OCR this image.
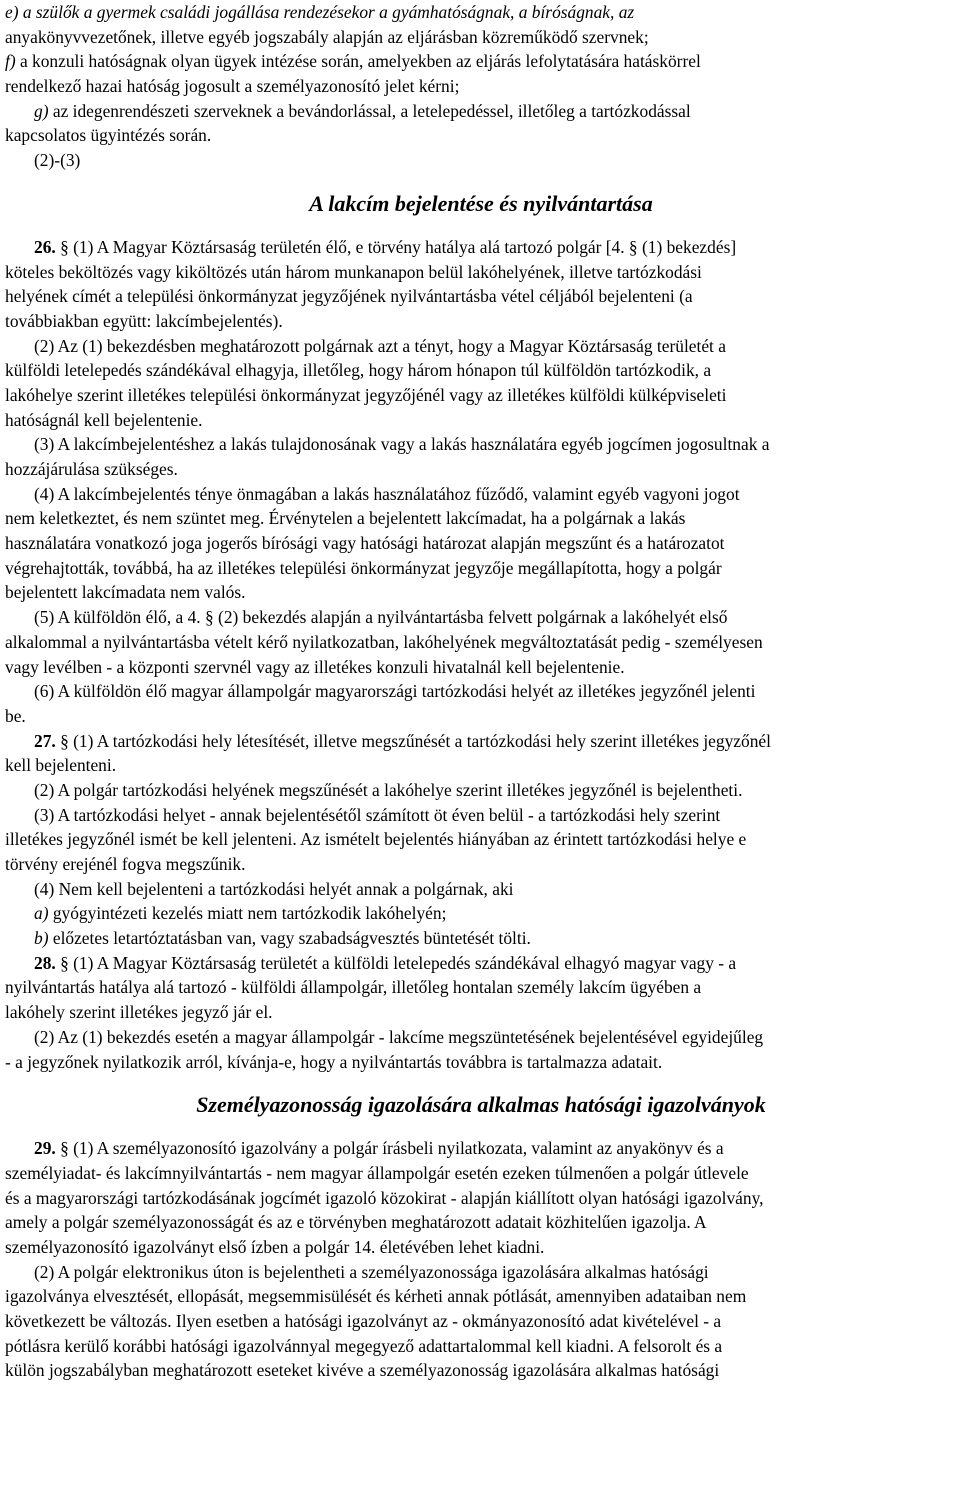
e) a szülők a gyermek családi jogállása rendezésekor a gyámhatóságnak, a bíróságnak, az
anyakönyvvezetőnek, illetve egyéb jogszabály alapján az eljárásban közreműködő szervnek;
f) a konzuli hatóságnak olyan ügyek intézése során, amelyekben az eljárás lefolytatására hatáskörrel
rendelkező hazai hatóság jogosult a személyazonosító jelet kérni;
g) az idegenrendészeti szerveknek a bevándorlással, a letelepedéssel, illetőleg a tartózkodással
kapcsolatos ügyintézés során.
(2)-(3)
A lakcím bejelentése és nyilvántartása
26. § (1) A Magyar Köztársaság területén élő, e törvény hatálya alá tartozó polgár [4. § (1) bekezdés]
köteles beköltözés vagy kiköltözés után három munkanapon belül lakóhelyének, illetve tartózkodási
helyének címét a települési önkormányzat jegyzőjének nyilvántartásba vétel céljából bejelenteni (a
továbbiakban együtt: lakcímbejelentés).
(2) Az (1) bekezdésben meghatározott polgárnak azt a tényt, hogy a Magyar Köztársaság területét a
külföldi letelepedés szándékával elhagyja, illetőleg, hogy három hónapon túl külföldön tartózkodik, a
lakóhelye szerint illetékes települési önkormányzat jegyzőjénél vagy az illetékes külföldi külképviseleti
hatóságnál kell bejelentenie.
(3) A lakcímbejelentéshez a lakás tulajdonosának vagy a lakás használatára egyéb jogcímen jogosultnak a
hozzájárulása szükséges.
(4) A lakcímbejelentés ténye önmagában a lakás használatához fűződő, valamint egyéb vagyoni jogot
nem keletkeztet, és nem szüntet meg. Érvénytelen a bejelentett lakcímadat, ha a polgárnak a lakás
használatára vonatkozó joga jogerős bírósági vagy hatósági határozat alapján megszűnt és a határozatot
végrehajtották, továbbá, ha az illetékes települési önkormányzat jegyzője megállapította, hogy a polgár
bejelentett lakcímadata nem valós.
(5) A külföldön élő, a 4. § (2) bekezdés alapján a nyilvántartásba felvett polgárnak a lakóhelyét első
alkalommal a nyilvántartásba vételt kérő nyilatkozatban, lakóhelyének megváltoztatását pedig - személyesen
vagy levélben - a központi szervnél vagy az illetékes konzuli hivatalnál kell bejelentenie.
(6) A külföldön élő magyar állampolgár magyarországi tartózkodási helyét az illetékes jegyzőnél jelenti
be.
27. § (1) A tartózkodási hely létesítését, illetve megszűnését a tartózkodási hely szerint illetékes jegyzőnél
kell bejelenteni.
(2) A polgár tartózkodási helyének megszűnését a lakóhelye szerint illetékes jegyzőnél is bejelentheti.
(3) A tartózkodási helyet - annak bejelentésétől számított öt éven belül - a tartózkodási hely szerint
illetékes jegyzőnél ismét be kell jelenteni. Az ismételt bejelentés hiányában az érintett tartózkodási helye e
törvény erejénél fogva megszűnik.
(4) Nem kell bejelenteni a tartózkodási helyét annak a polgárnak, aki
a) gyógyintézeti kezelés miatt nem tartózkodik lakóhelyén;
b) előzetes letartóztatásban van, vagy szabadságvesztés büntetését tölti.
28. § (1) A Magyar Köztársaság területét a külföldi letelepedés szándékával elhagyó magyar vagy - a
nyilvántartás hatálya alá tartozó - külföldi állampolgár, illetőleg hontalan személy lakcím ügyében a
lakóhely szerint illetékes jegyző jár el.
(2) Az (1) bekezdés esetén a magyar állampolgár - lakcíme megszüntetésének bejelentésével egyidejűleg
- a jegyzőnek nyilatkozik arról, kívánja-e, hogy a nyilvántartás továbbra is tartalmazza adatait.
Személyazonosság igazolására alkalmas hatósági igazolványok
29. § (1) A személyazonosító igazolvány a polgár írásbeli nyilatkozata, valamint az anyakönyv és a
személyiadat- és lakcímnyilvántartás - nem magyar állampolgár esetén ezeken túlmenően a polgár útlevele
és a magyarországi tartózkodásának jogcímét igazoló közokirat - alapján kiállított olyan hatósági igazolvány,
amely a polgár személyazonosságát és az e törvényben meghatározott adatait közhitelűen igazolja. A
személyazonosító igazolványt első ízben a polgár 14. életévében lehet kiadni.
(2) A polgár elektronikus úton is bejelentheti a személyazonossága igazolására alkalmas hatósági
igazolványa elvesztését, ellopását, megsemmisülését és kérheti annak pótlását, amennyiben adataiban nem
következett be változás. Ilyen esetben a hatósági igazolványt az - okmányazonosító adat kivételével - a
pótlásra kerülő korábbi hatósági igazolvánnyal megegyező adattartalommal kell kiadni. A felsorolt és a
külön jogszabályban meghatározott eseteket kivéve a személyazonosság igazolására alkalmas hatósági
